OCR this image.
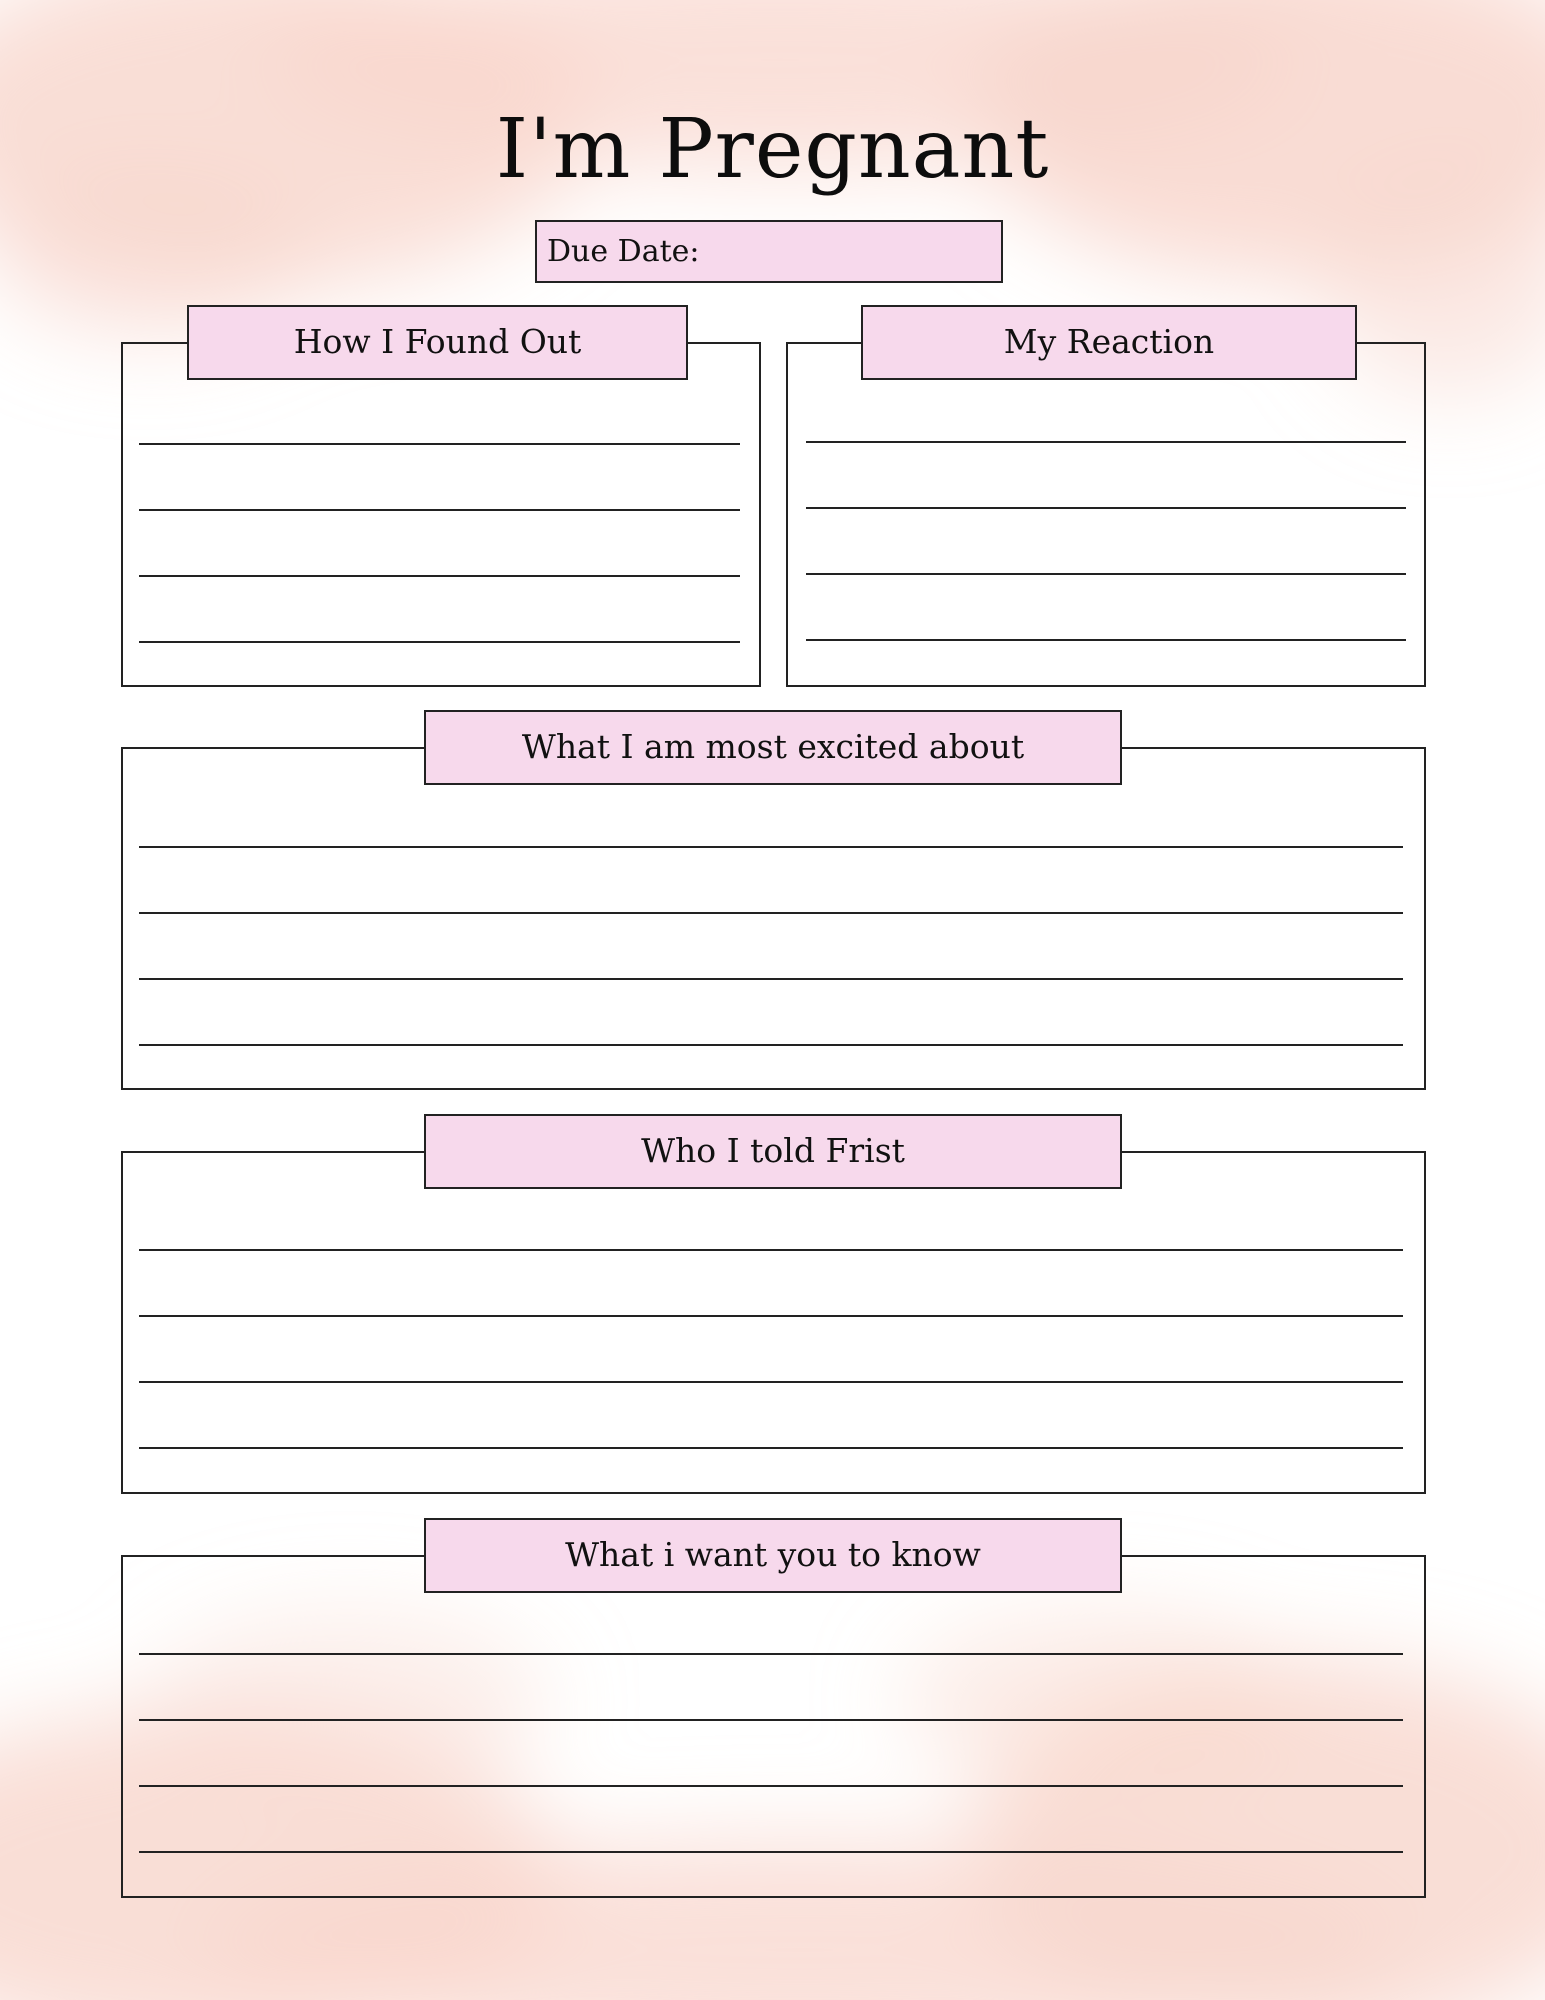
I'm Pregnant
Due Date:
How I Found Out	My Reaction
What I am most excited about
Who I told Frist
What i want you to know
